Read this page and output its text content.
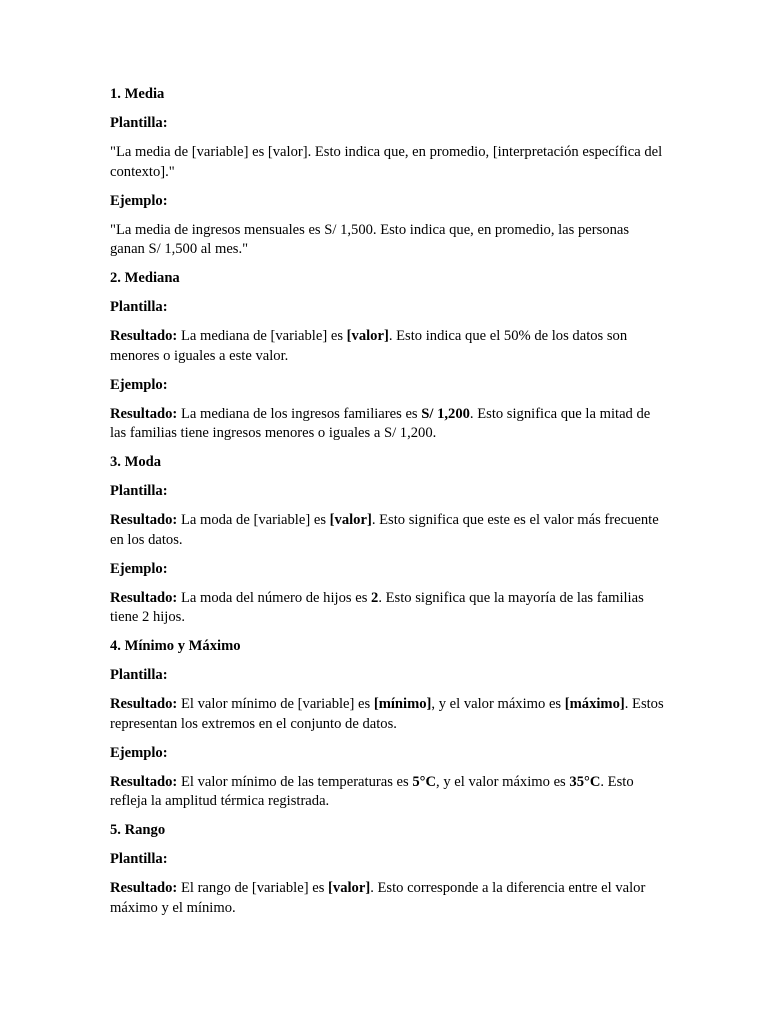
1. Media

Plantilla:

"La media de [variable] es [valor]. Esto indica que, en promedio, [interpretación específica del contexto]."

Ejemplo:

"La media de ingresos mensuales es S/ 1,500. Esto indica que, en promedio, las personas ganan S/ 1,500 al mes."

2. Mediana

Plantilla:

Resultado: La mediana de [variable] es [valor]. Esto indica que el 50% de los datos son menores o iguales a este valor.

Ejemplo:

Resultado: La mediana de los ingresos familiares es S/ 1,200. Esto significa que la mitad de las familias tiene ingresos menores o iguales a S/ 1,200.

3. Moda

Plantilla:

Resultado: La moda de [variable] es [valor]. Esto significa que este es el valor más frecuente en los datos.

Ejemplo:

Resultado: La moda del número de hijos es 2. Esto significa que la mayoría de las familias tiene 2 hijos.

4. Mínimo y Máximo

Plantilla:

Resultado: El valor mínimo de [variable] es [mínimo], y el valor máximo es [máximo]. Estos representan los extremos en el conjunto de datos.

Ejemplo:

Resultado: El valor mínimo de las temperaturas es 5°C, y el valor máximo es 35°C. Esto refleja la amplitud térmica registrada.

5. Rango

Plantilla:

Resultado: El rango de [variable] es [valor]. Esto corresponde a la diferencia entre el valor máximo y el mínimo.
